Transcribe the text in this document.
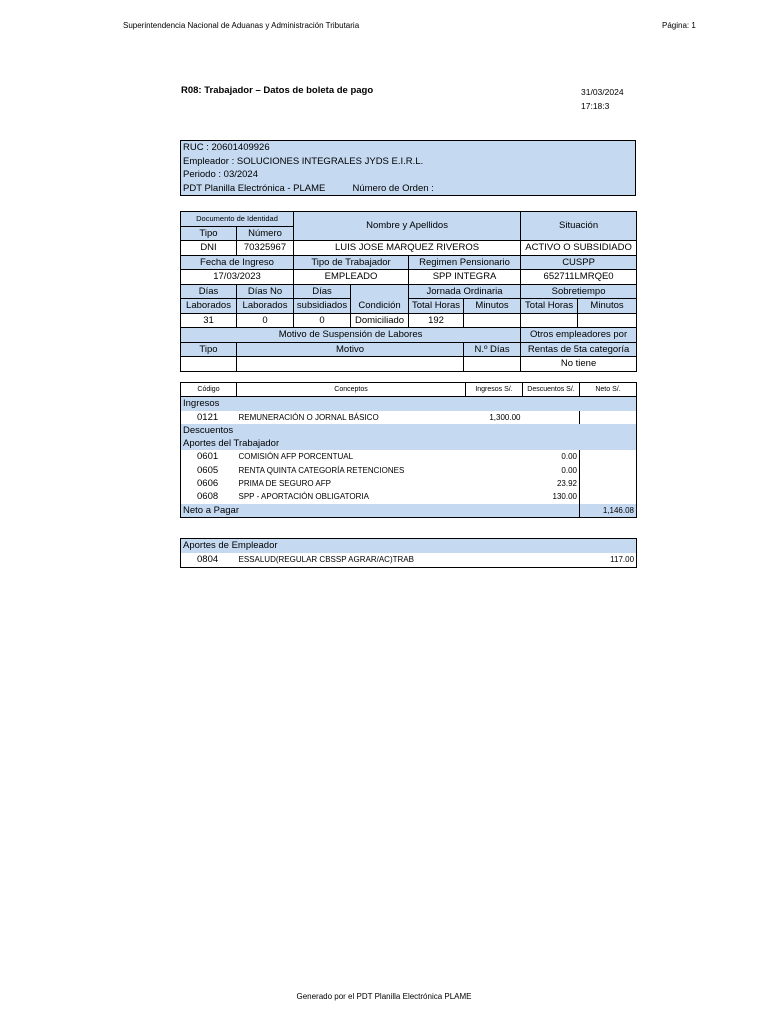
Superintendencia Nacional de Aduanas y Administración Tributaria	Página: 1
R08: Trabajador – Datos de boleta de pago	31/03/2024
17:18:3
RUC : 20601409926
Empleador : SOLUCIONES INTEGRALES JYDS E.I.R.L.
Periodo : 03/2024
PDT Planilla Electrónica - PLAME	Número de Orden :
Documento de Identidad		Nombre y Apellidos				Situación	
Tipo	Número						
DNI	70325967	LUIS JOSE MARQUEZ RIVEROS				ACTIVO O SUBSIDIADO	
Fecha de Ingreso		Tipo de Trabajador		Regimen Pensionario		CUSPP	
17/03/2023		EMPLEADO		SPP INTEGRA		652711LMRQE0	
Días	Días No	Días	Condición	Jornada Ordinaria		Sobretiempo	
Laborados	Laborados	subsidiados		Total Horas	Minutos	Total Horas	Minutos
31	0	0	Domiciliado	192			
Motivo de Suspensión de Labores						Otros empleadores por	
Tipo	Motivo				N.º Días	Rentas de 5ta categoría	
						No tiene	
Código	Conceptos	Ingresos S/.	Descuentos S/.	Neto S/.
Ingresos				
0121	REMUNERACIÓN O JORNAL BÁSICO	1,300.00		
Descuentos				
Aportes del Trabajador				
0601	COMISIÓN AFP PORCENTUAL		0.00	
0605	RENTA QUINTA CATEGORÍA RETENCIONES		0.00	
0606	PRIMA DE SEGURO AFP		23.92	
0608	SPP - APORTACIÓN OBLIGATORIA		130.00	
Neto a Pagar				1,146.08
Aportes de Empleador
0804	ESSALUD(REGULAR CBSSP AGRAR/AC)TRAB	117.00
Generado por el PDT Planilla Electrónica PLAME
